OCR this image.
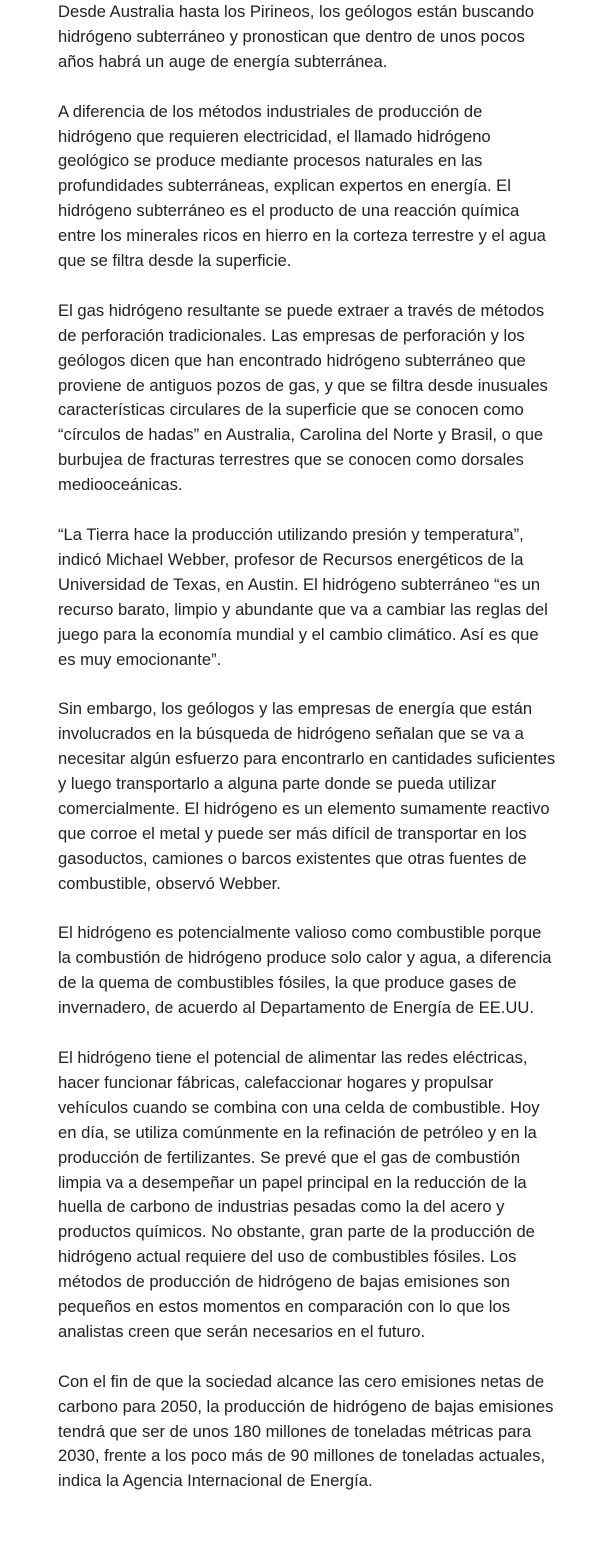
Desde Australia hasta los Pirineos, los geólogos están buscando hidrógeno subterráneo y pronostican que dentro de unos pocos años habrá un auge de energía subterránea.

A diferencia de los métodos industriales de producción de hidrógeno que requieren electricidad, el llamado hidrógeno geológico se produce mediante procesos naturales en las profundidades subterráneas, explican expertos en energía. El hidrógeno subterráneo es el producto de una reacción química entre los minerales ricos en hierro en la corteza terrestre y el agua que se filtra desde la superficie.

El gas hidrógeno resultante se puede extraer a través de métodos de perforación tradicionales. Las empresas de perforación y los geólogos dicen que han encontrado hidrógeno subterráneo que proviene de antiguos pozos de gas, y que se filtra desde inusuales características circulares de la superficie que se conocen como “círculos de hadas” en Australia, Carolina del Norte y Brasil, o que burbujea de fracturas terrestres que se conocen como dorsales mediooceánicas.

“La Tierra hace la producción utilizando presión y temperatura”, indicó Michael Webber, profesor de Recursos energéticos de la Universidad de Texas, en Austin. El hidrógeno subterráneo “es un recurso barato, limpio y abundante que va a cambiar las reglas del juego para la economía mundial y el cambio climático. Así es que es muy emocionante”.

Sin embargo, los geólogos y las empresas de energía que están involucrados en la búsqueda de hidrógeno señalan que se va a necesitar algún esfuerzo para encontrarlo en cantidades suficientes y luego transportarlo a alguna parte donde se pueda utilizar comercialmente. El hidrógeno es un elemento sumamente reactivo que corroe el metal y puede ser más difícil de transportar en los gasoductos, camiones o barcos existentes que otras fuentes de combustible, observó Webber.

El hidrógeno es potencialmente valioso como combustible porque la combustión de hidrógeno produce solo calor y agua, a diferencia de la quema de combustibles fósiles, la que produce gases de invernadero, de acuerdo al Departamento de Energía de EE.UU.

El hidrógeno tiene el potencial de alimentar las redes eléctricas, hacer funcionar fábricas, calefaccionar hogares y propulsar vehículos cuando se combina con una celda de combustible. Hoy en día, se utiliza comúnmente en la refinación de petróleo y en la producción de fertilizantes. Se prevé que el gas de combustión limpia va a desempeñar un papel principal en la reducción de la huella de carbono de industrias pesadas como la del acero y productos químicos. No obstante, gran parte de la producción de hidrógeno actual requiere del uso de combustibles fósiles. Los métodos de producción de hidrógeno de bajas emisiones son pequeños en estos momentos en comparación con lo que los analistas creen que serán necesarios en el futuro.

Con el fin de que la sociedad alcance las cero emisiones netas de carbono para 2050, la producción de hidrógeno de bajas emisiones tendrá que ser de unos 180 millones de toneladas métricas para 2030, frente a los poco más de 90 millones de toneladas actuales, indica la Agencia Internacional de Energía.
